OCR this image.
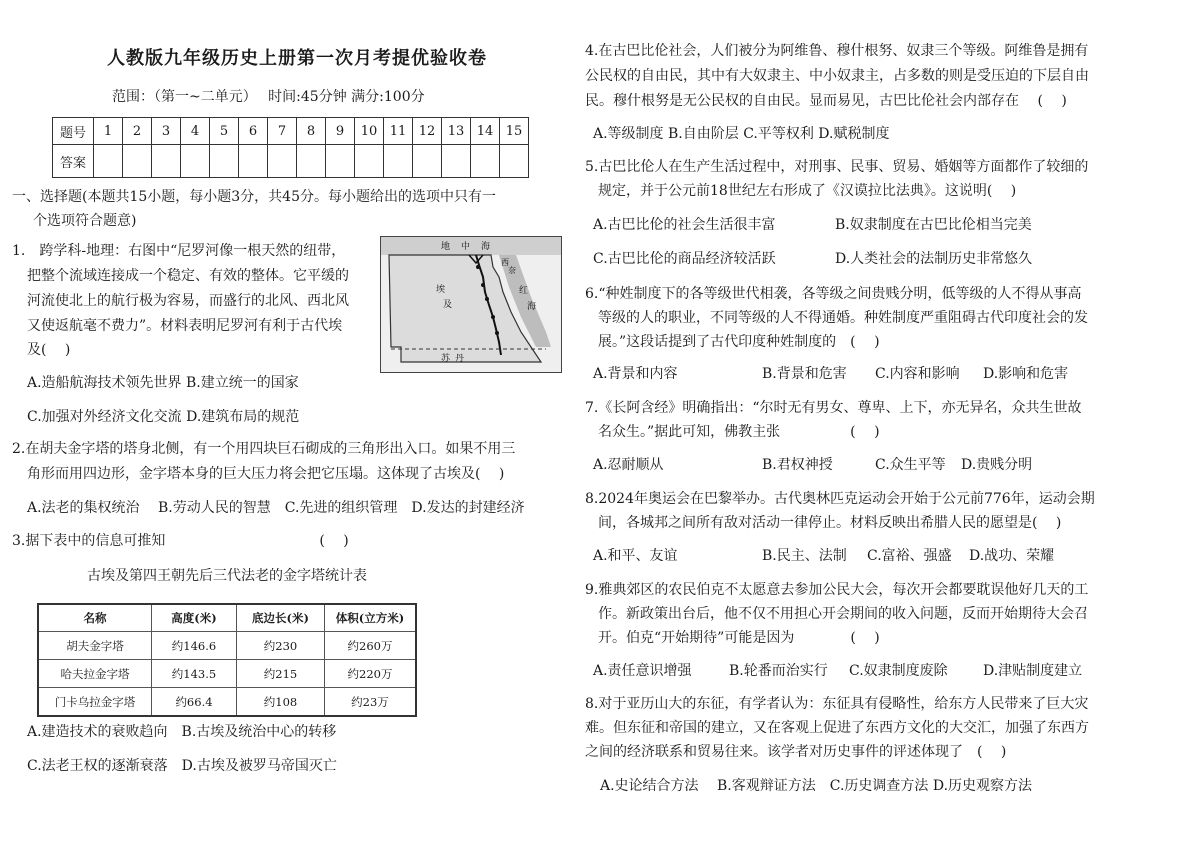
人教版九年级历史上册第一次月考提优验收卷
范围：（第一~二单元）　 时间:45分钟 满分:100分
题号	1	2	3	4	5	6	7	8	9	10	11	12	13	14	15
答案															
一、选择题(本题共15小题，每小题3分，共45分。每小题给出的选项中只有一
个选项符合题意)
1.　跨学科-地理：右图中“尼罗河像一根天然的纽带，
把整个流域连接成一个稳定、有效的整体。它平缓的
河流使北上的航行极为容易，而盛行的北风、西北风
又使返航毫不费力”。材料表明尼罗河有利于古代埃
及(　 )
A.造船航海技术领先世界 B.建立统一的国家
C.加强对外经济文化交流 D.建筑布局的规范
地 中 海
红
海
埃
及
西
奈
苏 丹
2.在胡夫金字塔的塔身北侧，有一个用四块巨石砌成的三角形出入口。如果不用三
角形而用四边形，金字塔本身的巨大压力将会把它压塌。这体现了古埃及(　 )
A.法老的集权统治　 B.劳动人民的智慧　C.先进的组织管理　D.发达的封建经济
3.据下表中的信息可推知　　　　　　　　　　　(　 )
古埃及第四王朝先后三代法老的金字塔统计表
名称	高度(米)	底边长(米)	体积(立方米)
胡夫金字塔	约146.6	约230	约260万
哈夫拉金字塔	约143.5	约215	约220万
门卡乌拉金字塔	约66.4	约108	约23万
A.建造技术的衰败趋向　B.古埃及统治中心的转移
C.法老王权的逐渐衰落　D.古埃及被罗马帝国灭亡
4.在古巴比伦社会，人们被分为阿维鲁、穆什根努、奴隶三个等级。阿维鲁是拥有
公民权的自由民，其中有大奴隶主、中小奴隶主，占多数的则是受压迫的下层自由
民。穆什根努是无公民权的自由民。显而易见，古巴比伦社会内部存在　 (　 )
A.等级制度 B.自由阶层 C.平等权利 D.赋税制度
5.古巴比伦人在生产生活过程中，对刑事、民事、贸易、婚姻等方面都作了较细的
规定，并于公元前18世纪左右形成了《汉谟拉比法典》。这说明(　 )
A.古巴比伦的社会生活很丰富	B.奴隶制度在古巴比伦相当完美
C.古巴比伦的商品经济较活跃	D.人类社会的法制历史非常悠久
6.“种姓制度下的各等级世代相袭，各等级之间贵贱分明，低等级的人不得从事高
等级的人的职业，不同等级的人不得通婚。种姓制度严重阻碍古代印度社会的发
展。”这段话提到了古代印度种姓制度的　(　 )
A.背景和内容	B.背景和危害 C.内容和影响 D.影响和危害
7.《长阿含经》明确指出：“尔时无有男女、尊卑、上下，亦无异名，众共生世故
名众生。”据此可知，佛教主张　　　　　(　 )
A.忍耐顺从	B.君权神授	C.众生平等 D.贵贱分明
8.2024年奥运会在巴黎举办。古代奥林匹克运动会开始于公元前776年，运动会期
间，各城邦之间所有敌对活动一律停止。材料反映出希腊人民的愿望是(　 )
A.和平、友谊	B.民主、法制 C.富裕、强盛 D.战功、荣耀
9.雅典郊区的农民伯克不太愿意去参加公民大会，每次开会都要耽误他好几天的工
作。新政策出台后，他不仅不用担心开会期间的收入问题，反而开始期待大会召
开。伯克“开始期待”可能是因为　　　　(　 )
A.责任意识增强	B.轮番而治实行 C.奴隶制度废除	D.津贴制度建立
8.对于亚历山大的东征，有学者认为：东征具有侵略性，给东方人民带来了巨大灾
难。但东征和帝国的建立，又在客观上促进了东西方文化的大交汇，加强了东西方
之间的经济联系和贸易往来。该学者对历史事件的评述体现了　(　 )
A.史论结合方法　 B.客观辩证方法　C.历史调查方法 D.历史观察方法
